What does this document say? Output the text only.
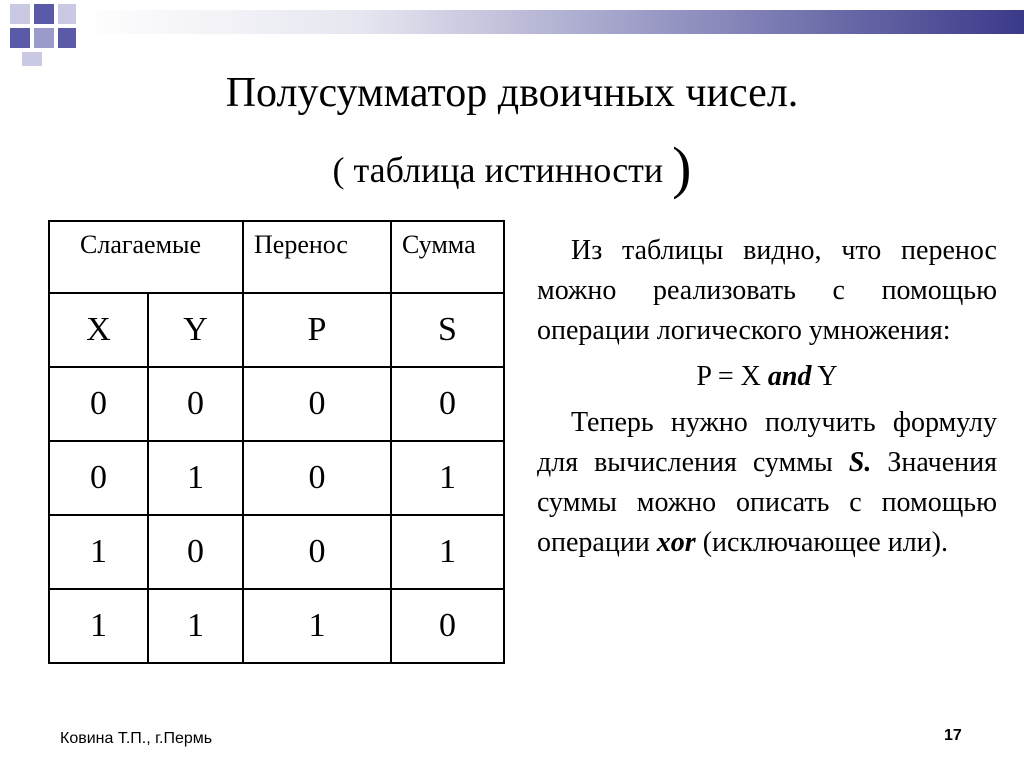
Полусумматор двоичных чисел.
( таблица истинности )
Слагаемые		Перенос	Сумма
X	Y	P	S
0	0	0	0
0	1	0	1
1	0	0	1
1	1	1	0

Из таблицы видно, что перенос можно реализовать с помощью операции логического умножения:

P = X and Y

Теперь нужно получить формулу для вычисления суммы S. Значения суммы можно описать с помощью операции xor (исключающее или).

Ковина Т.П., г.Пермь	17
